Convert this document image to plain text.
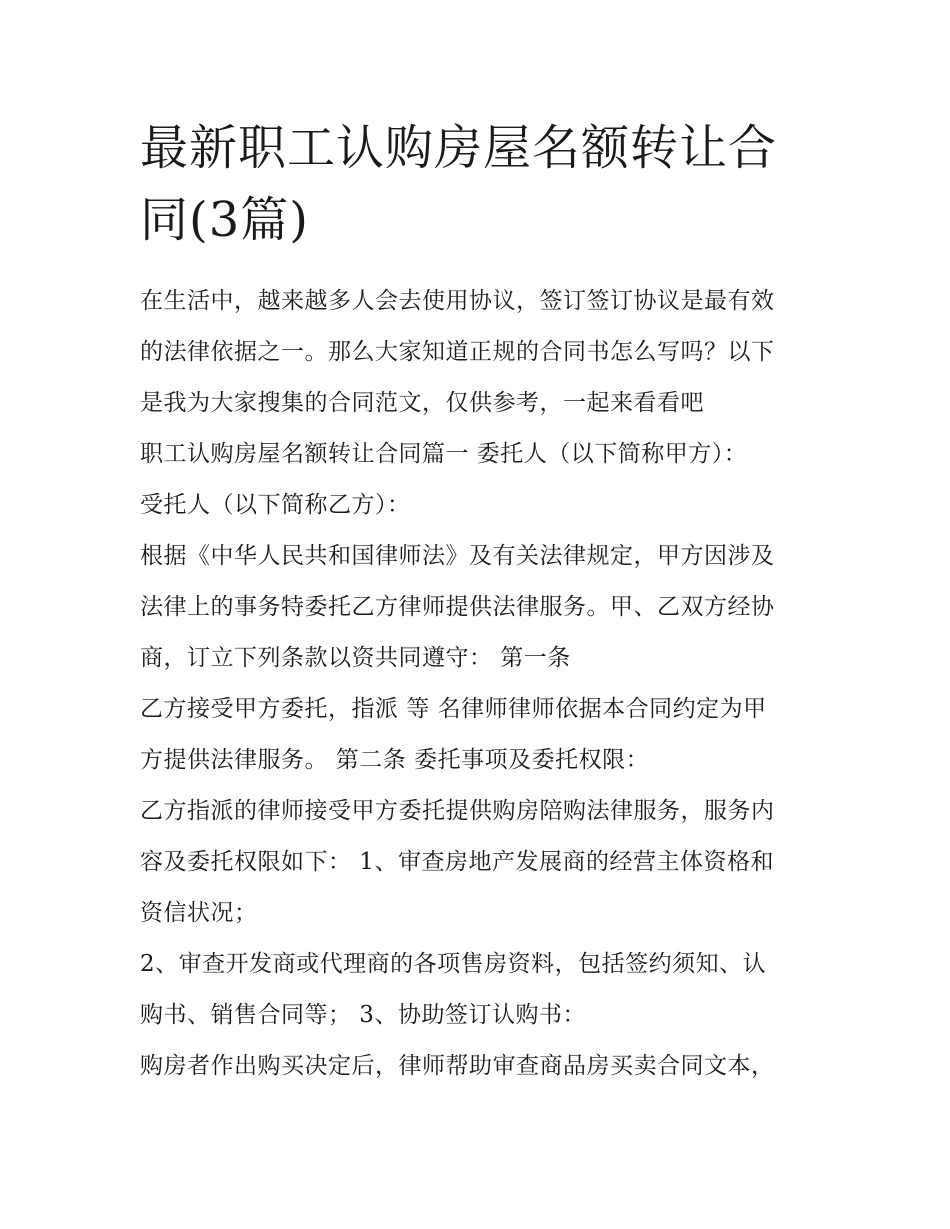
最新职工认购房屋名额转让合
同(3篇)

在生活中，越来越多人会去使用协议，签订签订协议是最有效

的法律依据之一。那么大家知道正规的合同书怎么写吗？以下

是我为大家搜集的合同范文，仅供参考，一起来看看吧

职工认购房屋名额转让合同篇一 委托人（以下简称甲方）：

受托人（以下简称乙方）：

根据《中华人民共和国律师法》及有关法律规定，甲方因涉及

法律上的事务特委托乙方律师提供法律服务。甲、乙双方经协

商，订立下列条款以资共同遵守： 第一条

乙方接受甲方委托，指派 等 名律师律师依据本合同约定为甲

方提供法律服务。 第二条 委托事项及委托权限：

乙方指派的律师接受甲方委托提供购房陪购法律服务，服务内

容及委托权限如下： 1、审查房地产发展商的经营主体资格和

资信状况；

2、审查开发商或代理商的各项售房资料，包括签约须知、认

购书、销售合同等； 3、协助签订认购书：

购房者作出购买决定后，律师帮助审查商品房买卖合同文本，
